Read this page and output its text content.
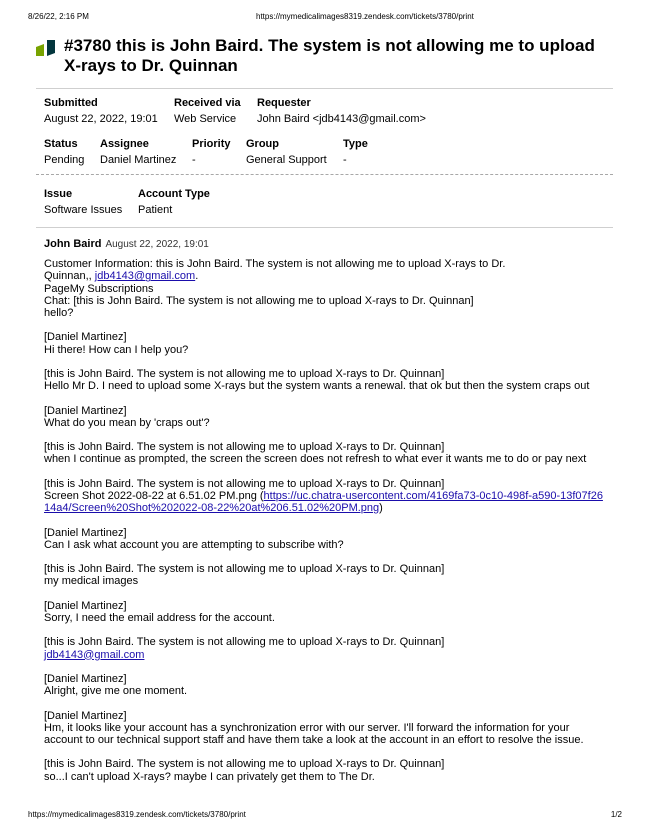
8/26/22, 2:16 PM	https://mymedicalimages8319.zendesk.com/tickets/3780/print
#3780 this is John Baird. The system is not allowing me to upload X-rays to Dr. Quinnan
Submitted
August 22, 2022, 19:01
Received via
Web Service
Requester
John Baird <jdb4143@gmail.com>
Status
Pending
Assignee
Daniel Martinez
Priority
-
Group
General Support
Type
-
Issue
Software Issues
Account Type
Patient
John Baird August 22, 2022, 19:01

Customer Information: this is John Baird. The system is not allowing me to upload X-rays to Dr.
Quinnan,, jdb4143@gmail.com.
PageMy Subscriptions
Chat: [this is John Baird. The system is not allowing me to upload X-rays to Dr. Quinnan]
hello?

[Daniel Martinez]
Hi there! How can I help you?

[this is John Baird. The system is not allowing me to upload X-rays to Dr. Quinnan]
Hello Mr D. I need to upload some X-rays but the system wants a renewal. that ok but then the system craps out

[Daniel Martinez]
What do you mean by 'craps out'?

[this is John Baird. The system is not allowing me to upload X-rays to Dr. Quinnan]
when I continue as prompted, the screen the screen does not refresh to what ever it wants me to do or pay next

[this is John Baird. The system is not allowing me to upload X-rays to Dr. Quinnan]
Screen Shot 2022-08-22 at 6.51.02 PM.png (https://uc.chatra-usercontent.com/4169fa73-0c10-498f-a590-13f07f2614a4/Screen%20Shot%202022-08-22%20at%206.51.02%20PM.png)

[Daniel Martinez]
Can I ask what account you are attempting to subscribe with?

[this is John Baird. The system is not allowing me to upload X-rays to Dr. Quinnan]
my medical images

[Daniel Martinez]
Sorry, I need the email address for the account.

[this is John Baird. The system is not allowing me to upload X-rays to Dr. Quinnan]
jdb4143@gmail.com

[Daniel Martinez]
Alright, give me one moment.

[Daniel Martinez]
Hm, it looks like your account has a synchronization error with our server. I'll forward the information for your account to our technical support staff and have them take a look at the account in an effort to resolve the issue.

[this is John Baird. The system is not allowing me to upload X-rays to Dr. Quinnan]
so...I can't upload X-rays? maybe I can privately get them to The Dr.

https://mymedicalimages8319.zendesk.com/tickets/3780/print	1/2
